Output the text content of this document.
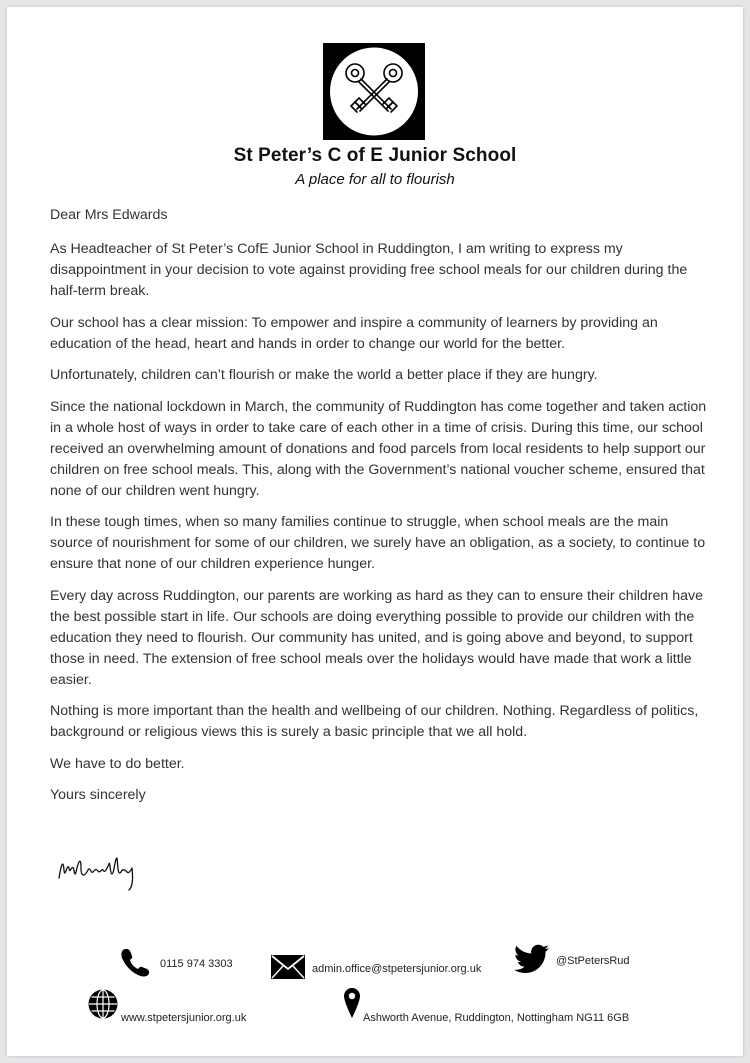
St Peter’s C of E Junior School
A place for all to flourish

Dear Mrs Edwards

As Headteacher of St Peter’s CofE Junior School in Ruddington, I am writing to express my disappointment in your decision to vote against providing free school meals for our children during the half-term break.

Our school has a clear mission: To empower and inspire a community of learners by providing an education of the head, heart and hands in order to change our world for the better.

Unfortunately, children can’t flourish or make the world a better place if they are hungry.

Since the national lockdown in March, the community of Ruddington has come together and taken action in a whole host of ways in order to take care of each other in a time of crisis. During this time, our school received an overwhelming amount of donations and food parcels from local residents to help support our children on free school meals. This, along with the Government’s national voucher scheme, ensured that none of our children went hungry.

In these tough times, when so many families continue to struggle, when school meals are the main source of nourishment for some of our children, we surely have an obligation, as a society, to continue to ensure that none of our children experience hunger.

Every day across Ruddington, our parents are working as hard as they can to ensure their children have the best possible start in life. Our schools are doing everything possible to provide our children with the education they need to flourish. Our community has united, and is going above and beyond, to support those in need. The extension of free school meals over the holidays would have made that work a little easier.

Nothing is more important than the health and wellbeing of our children. Nothing. Regardless of politics, background or religious views this is surely a basic principle that we all hold.

We have to do better.

Yours sincerely

0115 974 3303	admin.office@stpetersjunior.org.uk
@StPetersRud
www.stpetersjunior.org.uk	Ashworth Avenue, Ruddington, Nottingham NG11 6GB
